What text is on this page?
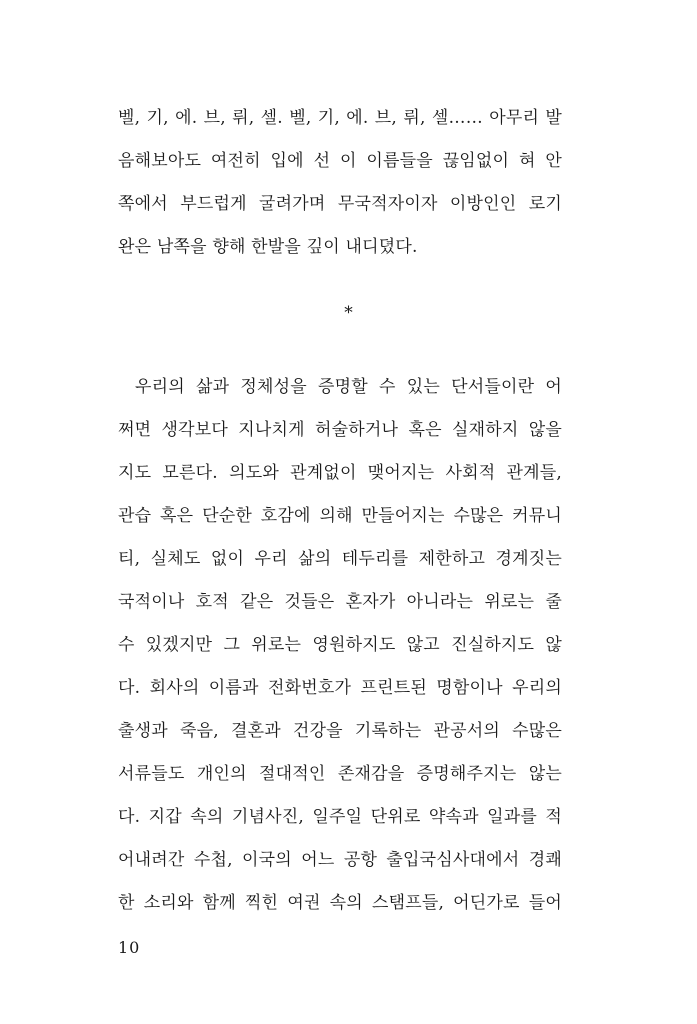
벨, 기, 에. 브, 뤼, 셀. 벨, 기, 에. 브, 뤼, 셀…… 아무리 발
음해보아도 여전히 입에 선 이 이름들을 끊임없이 혀 안
쪽에서 부드럽게 굴려가며 무국적자이자 이방인인 로기
완은 남쪽을 향해 한발을 깊이 내디뎠다.
*
우리의 삶과 정체성을 증명할 수 있는 단서들이란 어
쩌면 생각보다 지나치게 허술하거나 혹은 실재하지 않을
지도 모른다. 의도와 관계없이 맺어지는 사회적 관계들,
관습 혹은 단순한 호감에 의해 만들어지는 수많은 커뮤니
티, 실체도 없이 우리 삶의 테두리를 제한하고 경계짓는
국적이나 호적 같은 것들은 혼자가 아니라는 위로는 줄
수 있겠지만 그 위로는 영원하지도 않고 진실하지도 않
다. 회사의 이름과 전화번호가 프린트된 명함이나 우리의
출생과 죽음, 결혼과 건강을 기록하는 관공서의 수많은
서류들도 개인의 절대적인 존재감을 증명해주지는 않는
다. 지갑 속의 기념사진, 일주일 단위로 약속과 일과를 적
어내려간 수첩, 이국의 어느 공항 출입국심사대에서 경쾌
한 소리와 함께 찍힌 여권 속의 스탬프들, 어딘가로 들어
10
